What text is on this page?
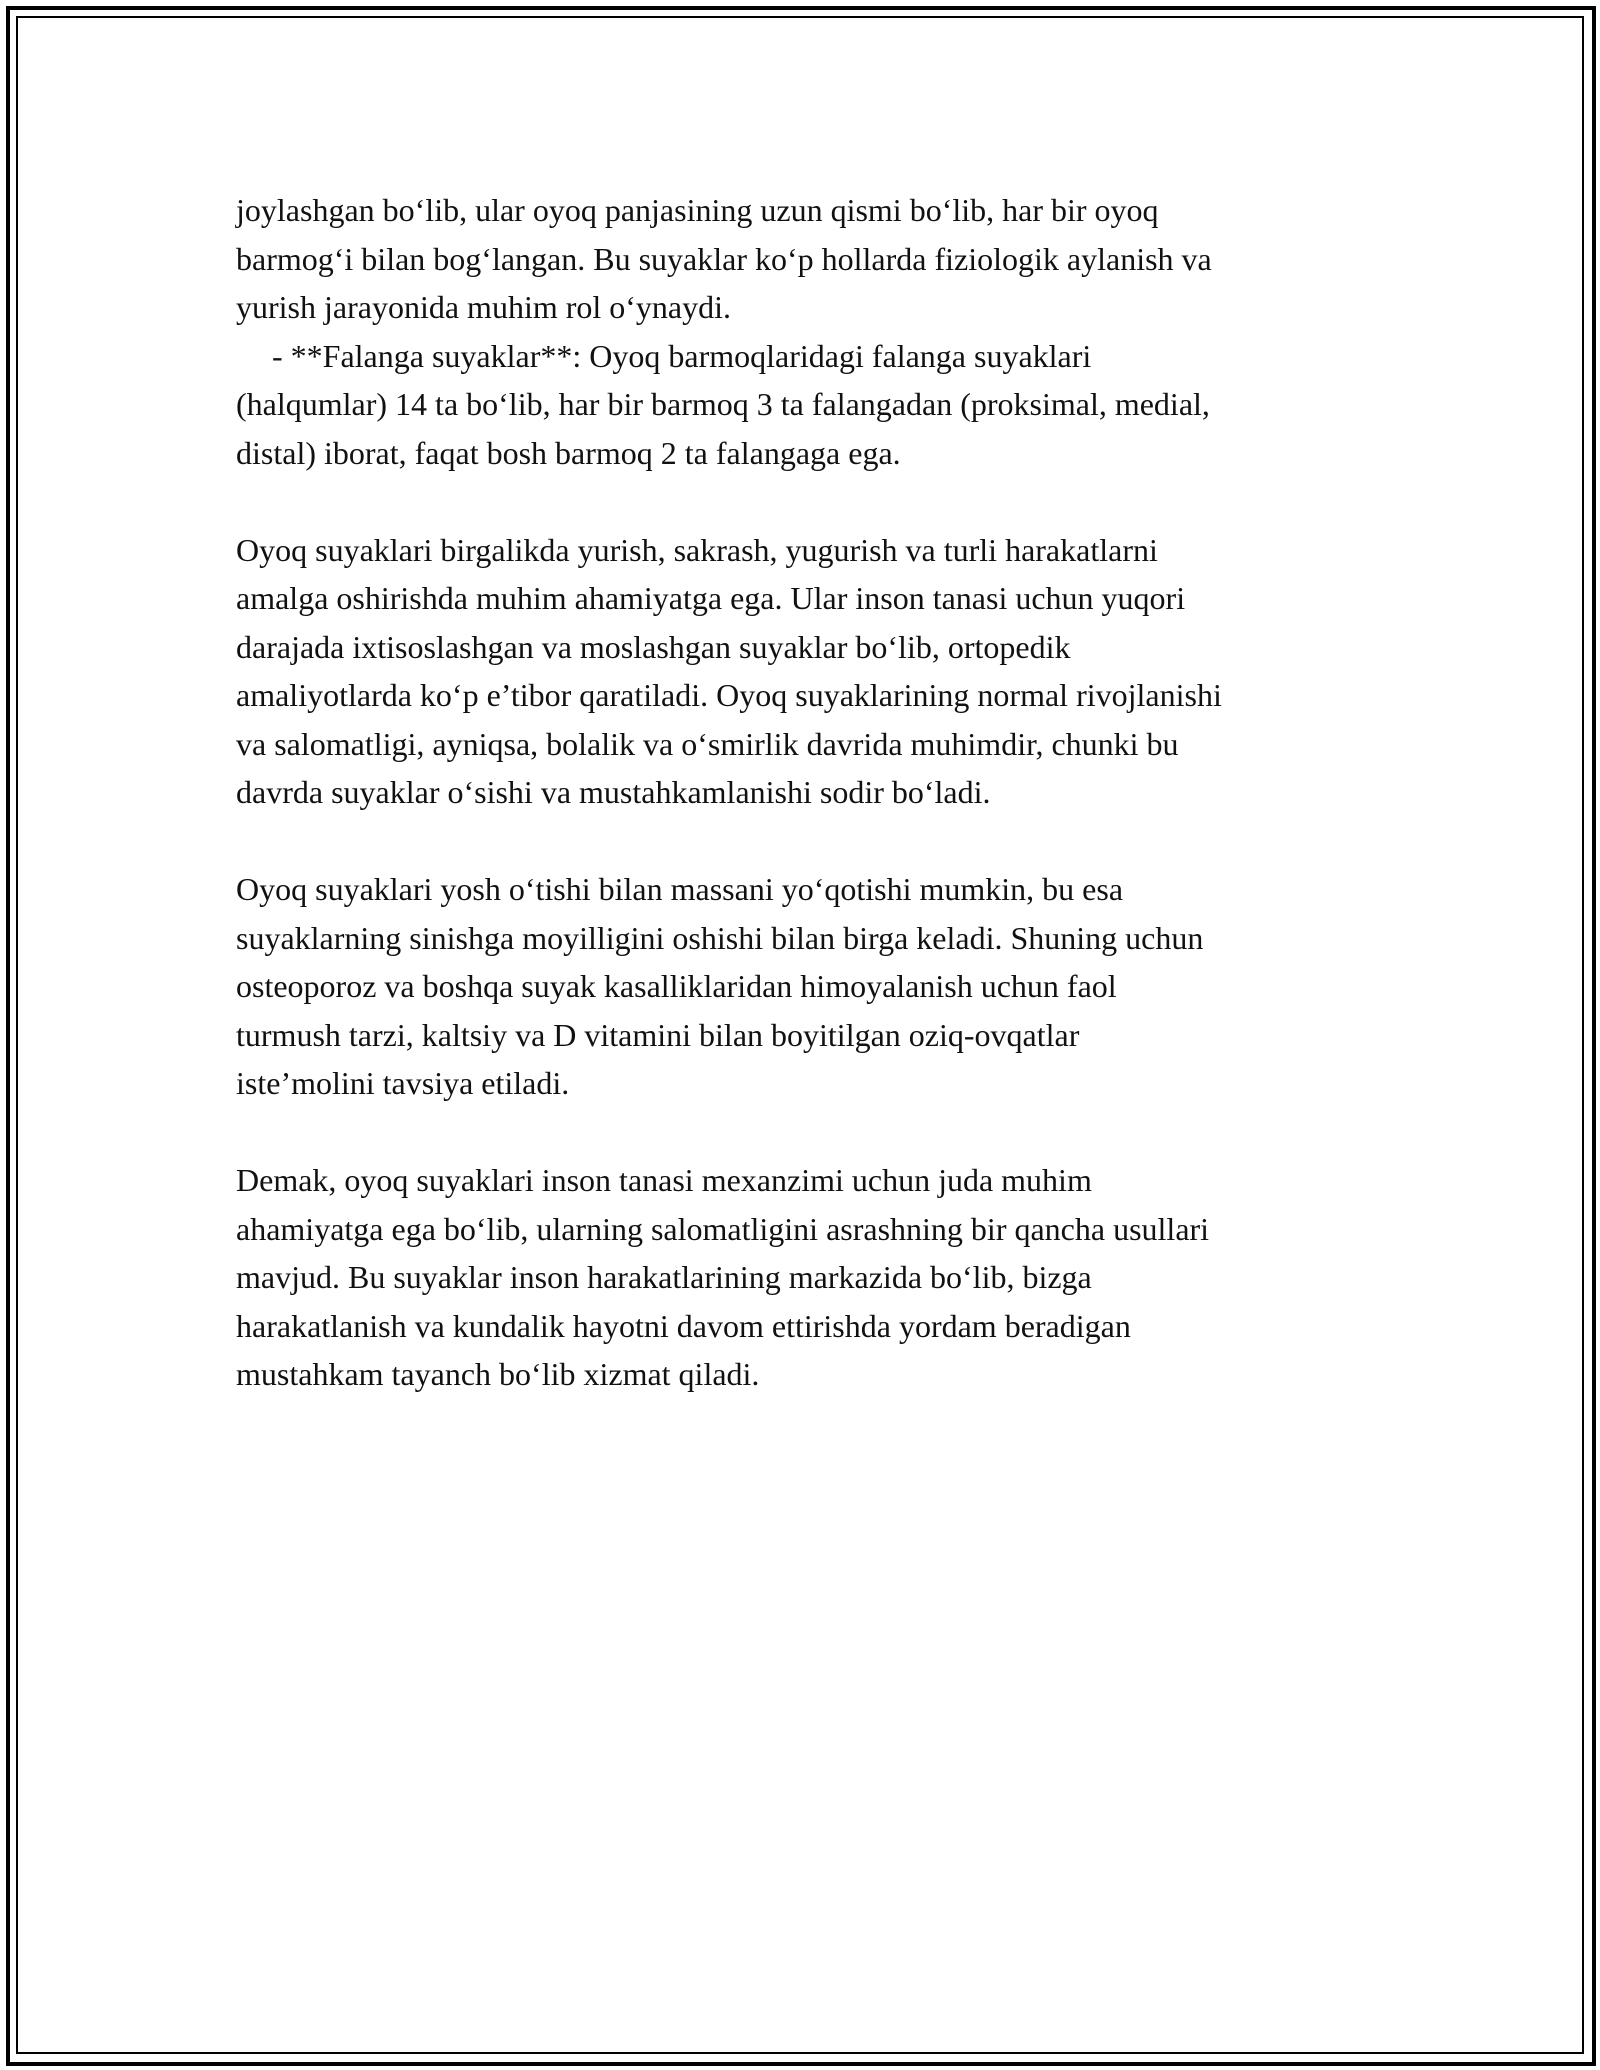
joylashgan bo‘lib, ular oyoq panjasining uzun qismi bo‘lib, har bir oyoq
barmog‘i bilan bog‘langan. Bu suyaklar ko‘p hollarda fiziologik aylanish va
yurish jarayonida muhim rol o‘ynaydi.
- **Falanga suyaklar**: Oyoq barmoqlaridagi falanga suyaklari
(halqumlar) 14 ta bo‘lib, har bir barmoq 3 ta falangadan (proksimal, medial,
distal) iborat, faqat bosh barmoq 2 ta falangaga ega.
Oyoq suyaklari birgalikda yurish, sakrash, yugurish va turli harakatlarni
amalga oshirishda muhim ahamiyatga ega. Ular inson tanasi uchun yuqori
darajada ixtisoslashgan va moslashgan suyaklar bo‘lib, ortopedik
amaliyotlarda ko‘p e’tibor qaratiladi. Oyoq suyaklarining normal rivojlanishi
va salomatligi, ayniqsa, bolalik va o‘smirlik davrida muhimdir, chunki bu
davrda suyaklar o‘sishi va mustahkamlanishi sodir bo‘ladi.
Oyoq suyaklari yosh o‘tishi bilan massani yo‘qotishi mumkin, bu esa
suyaklarning sinishga moyilligini oshishi bilan birga keladi. Shuning uchun
osteoporoz va boshqa suyak kasalliklaridan himoyalanish uchun faol
turmush tarzi, kaltsiy va D vitamini bilan boyitilgan oziq-ovqatlar
iste’molini tavsiya etiladi.
Demak, oyoq suyaklari inson tanasi mexanzimi uchun juda muhim
ahamiyatga ega bo‘lib, ularning salomatligini asrashning bir qancha usullari
mavjud. Bu suyaklar inson harakatlarining markazida bo‘lib, bizga
harakatlanish va kundalik hayotni davom ettirishda yordam beradigan
mustahkam tayanch bo‘lib xizmat qiladi.
